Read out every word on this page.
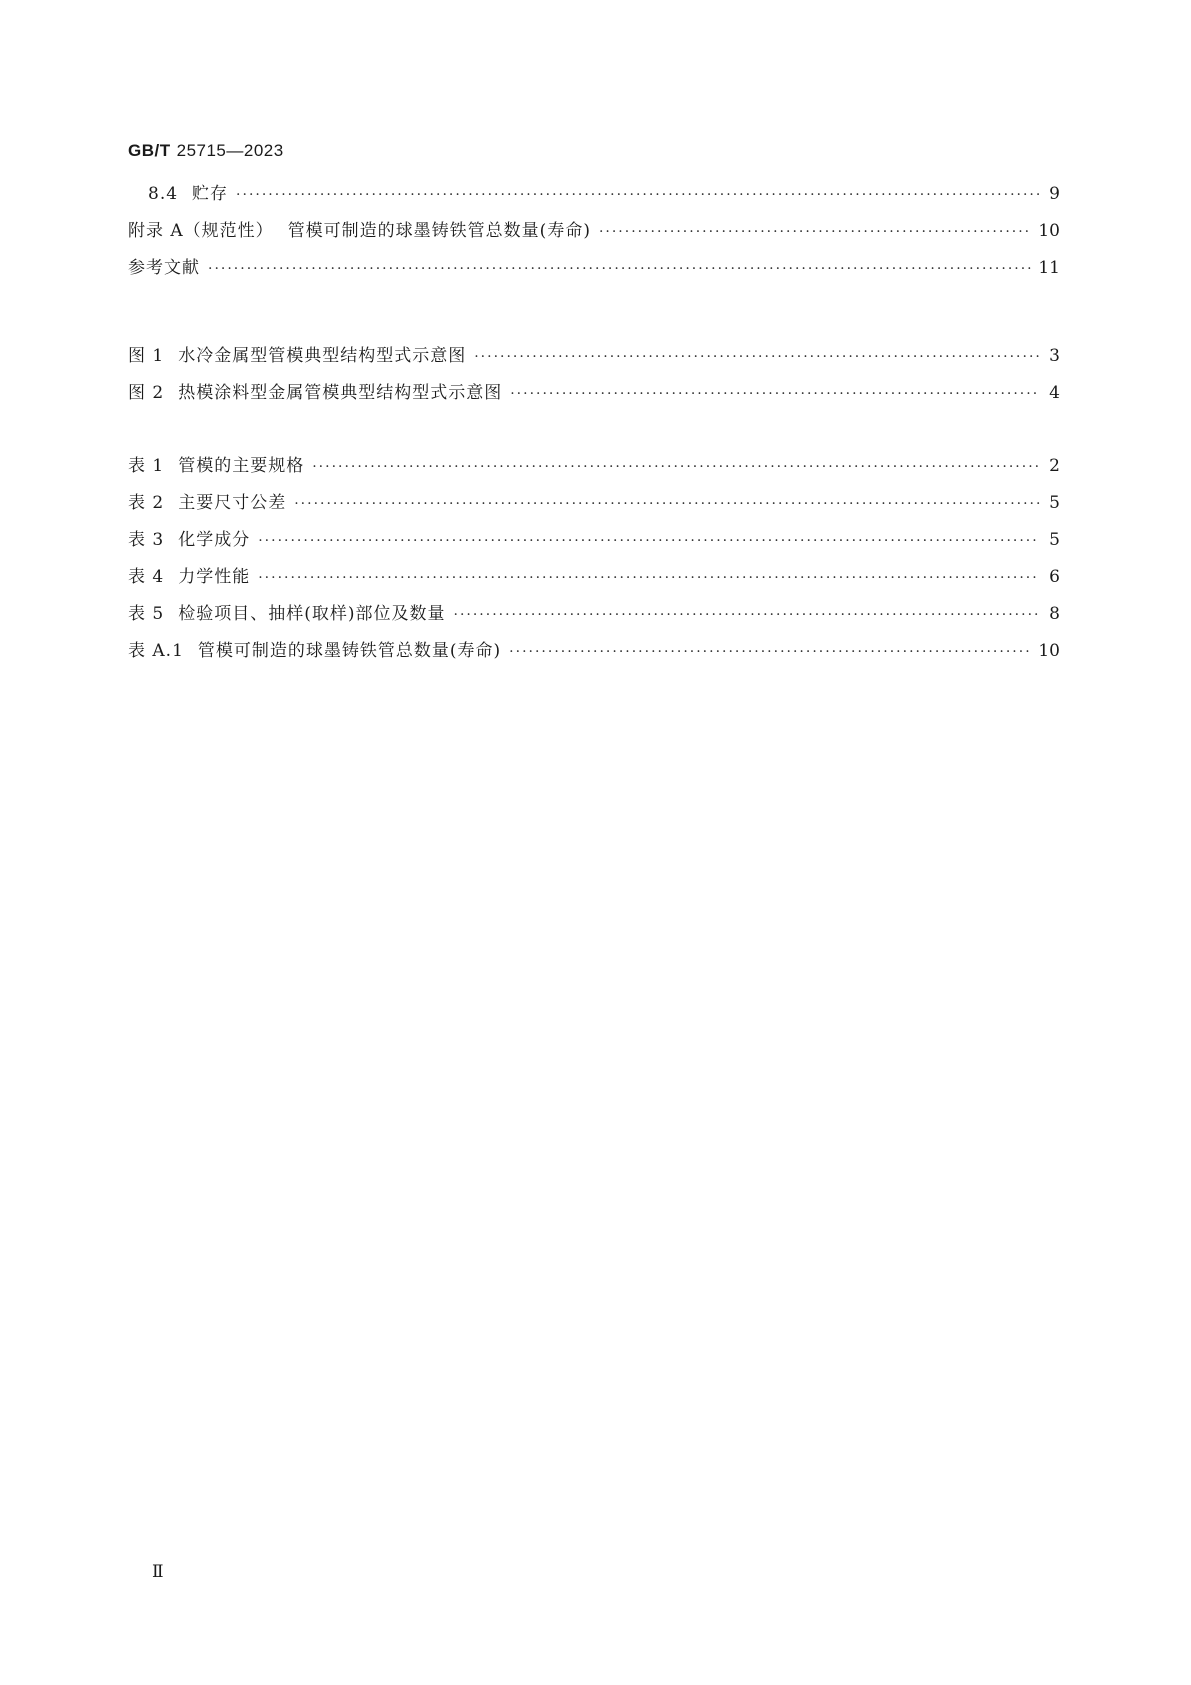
GB/T 25715—2023

8.4 贮存 ·····	9
附录 A（规范性） 管模可制造的球墨铸铁管总数量(寿命) ·····	10
参考文献 ·····	11
图 1 水冷金属型管模典型结构型式示意图 ·····	3
图 2 热模涂料型金属管模典型结构型式示意图 ·····	4
表 1 管模的主要规格 ·····	2
表 2 主要尺寸公差 ·····	5
表 3 化学成分 ·····	5
表 4 力学性能 ·····	6
表 5 检验项目、抽样(取样)部位及数量 ·····	8
表 A.1 管模可制造的球墨铸铁管总数量(寿命) ·····	10
Ⅱ
